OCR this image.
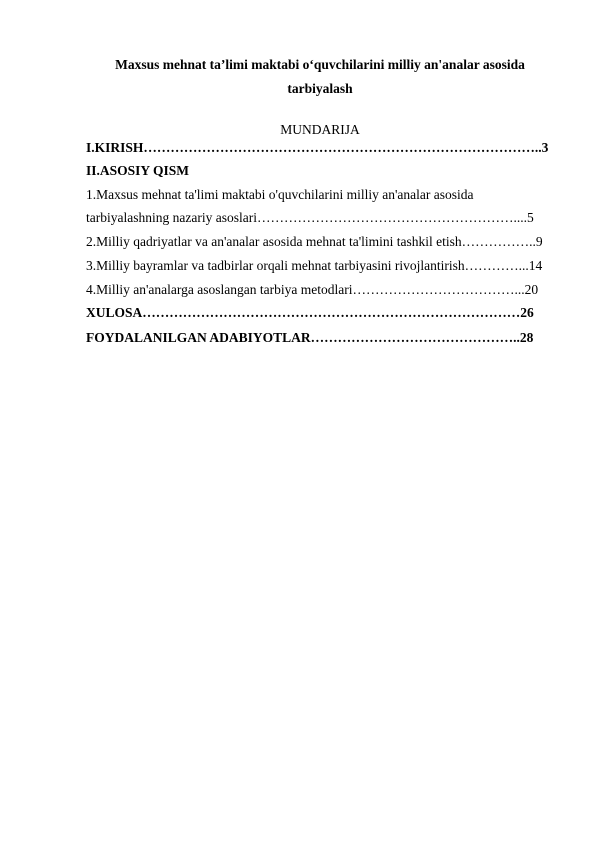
Maxsus mehnat ta’limi maktabi o‘quvchilarini milliy an'analar asosida
tarbiyalash
MUNDARIJA
I.KIRISH……………………………………………………………………………..3
II.ASOSIY QISM
1.Maxsus mehnat ta'limi maktabi o'quvchilarini milliy an'analar asosida
tarbiyalashning nazariy asoslari…………………………………………………....5
2.Milliy qadriyatlar va an'analar asosida mehnat ta'limini tashkil etish……………..9
3.Milliy bayramlar va tadbirlar orqali mehnat tarbiyasini rivojlantirish…………...14
4.Milliy an'analarga asoslangan tarbiya metodlari………………………………...20
XULOSA…………………………………………………………………………26
FOYDALANILGAN ADABIYOTLAR………………………………………..28
